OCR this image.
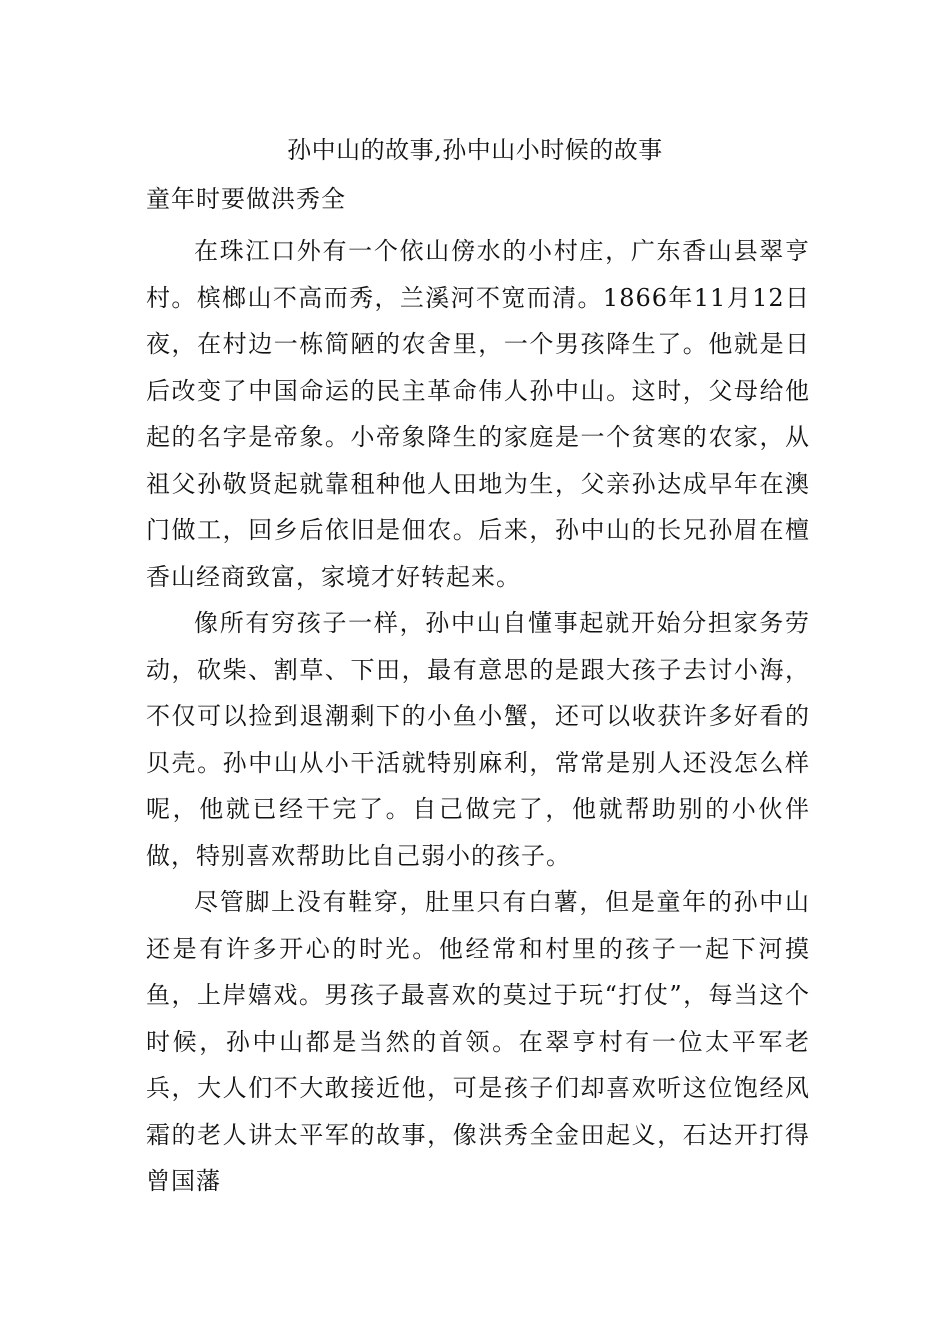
孙中山的故事,孙中山小时候的故事
童年时要做洪秀全

在珠江口外有一个依山傍水的小村庄，广东香山县翠亨村。槟榔山不高而秀，兰溪河不宽而清。1866年11月12日夜，在村边一栋简陋的农舍里，一个男孩降生了。他就是日后改变了中国命运的民主革命伟人孙中山。这时，父母给他起的名字是帝象。小帝象降生的家庭是一个贫寒的农家，从祖父孙敬贤起就靠租种他人田地为生，父亲孙达成早年在澳门做工，回乡后依旧是佃农。后来，孙中山的长兄孙眉在檀香山经商致富，家境才好转起来。

像所有穷孩子一样，孙中山自懂事起就开始分担家务劳动，砍柴、割草、下田，最有意思的是跟大孩子去讨小海，不仅可以捡到退潮剩下的小鱼小蟹，还可以收获许多好看的贝壳。孙中山从小干活就特别麻利，常常是别人还没怎么样呢，他就已经干完了。自己做完了，他就帮助别的小伙伴做，特别喜欢帮助比自己弱小的孩子。

尽管脚上没有鞋穿，肚里只有白薯，但是童年的孙中山还是有许多开心的时光。他经常和村里的孩子一起下河摸鱼，上岸嬉戏。男孩子最喜欢的莫过于玩“打仗”，每当这个时候，孙中山都是当然的首领。在翠亨村有一位太平军老兵，大人们不大敢接近他，可是孩子们却喜欢听这位饱经风霜的老人讲太平军的故事，像洪秀全金田起义，石达开打得曾国藩
